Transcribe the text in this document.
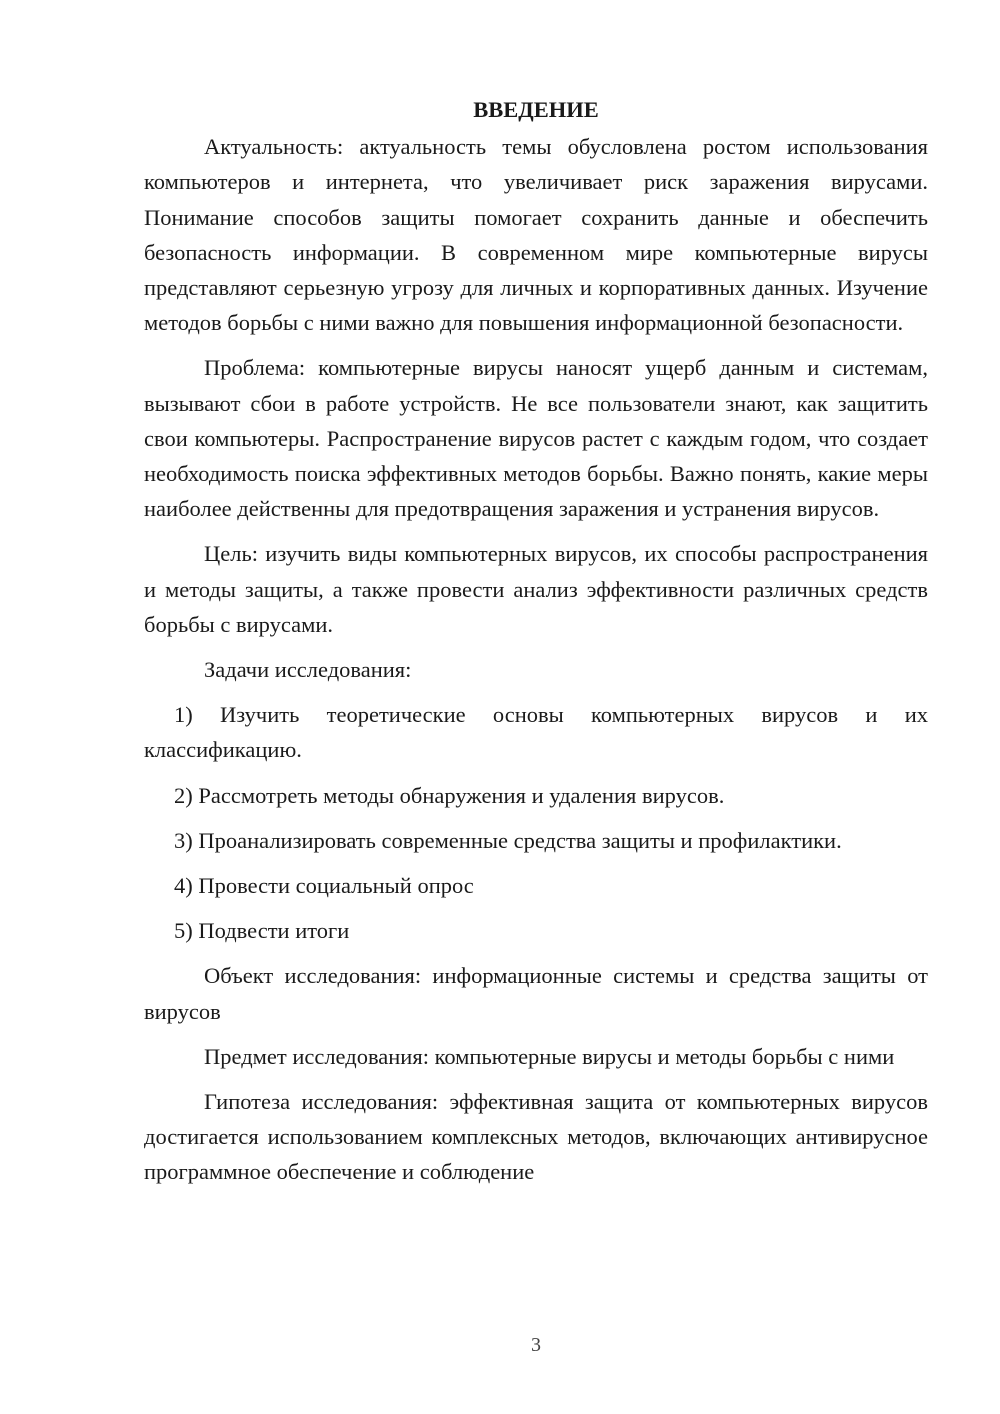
ВВЕДЕНИЕ

Актуальность: актуальность темы обусловлена ростом использования компьютеров и интернета, что увеличивает риск заражения вирусами. Понимание способов защиты помогает сохранить данные и обеспечить безопасность информации. В современном мире компьютерные вирусы представляют серьезную угрозу для личных и корпоративных данных. Изучение методов борьбы с ними важно для повышения информационной безопасности.

Проблема: компьютерные вирусы наносят ущерб данным и системам, вызывают сбои в работе устройств. Не все пользователи знают, как защитить свои компьютеры. Распространение вирусов растет с каждым годом, что создает необходимость поиска эффективных методов борьбы. Важно понять, какие меры наиболее действенны для предотвращения заражения и устранения вирусов.

Цель: изучить виды компьютерных вирусов, их способы распространения и методы защиты, а также провести анализ эффективности различных средств борьбы с вирусами.

Задачи исследования:

1) Изучить теоретические основы компьютерных вирусов и их классификацию.

2) Рассмотреть методы обнаружения и удаления вирусов.

3) Проанализировать современные средства защиты и профилактики.

4) Провести социальный опрос

5) Подвести итоги

Объект исследования: информационные системы и средства защиты от вирусов

Предмет исследования: компьютерные вирусы и методы борьбы с ними

Гипотеза исследования: эффективная защита от компьютерных вирусов достигается использованием комплексных методов, включающих антивирусное программное обеспечение и соблюдение

3
